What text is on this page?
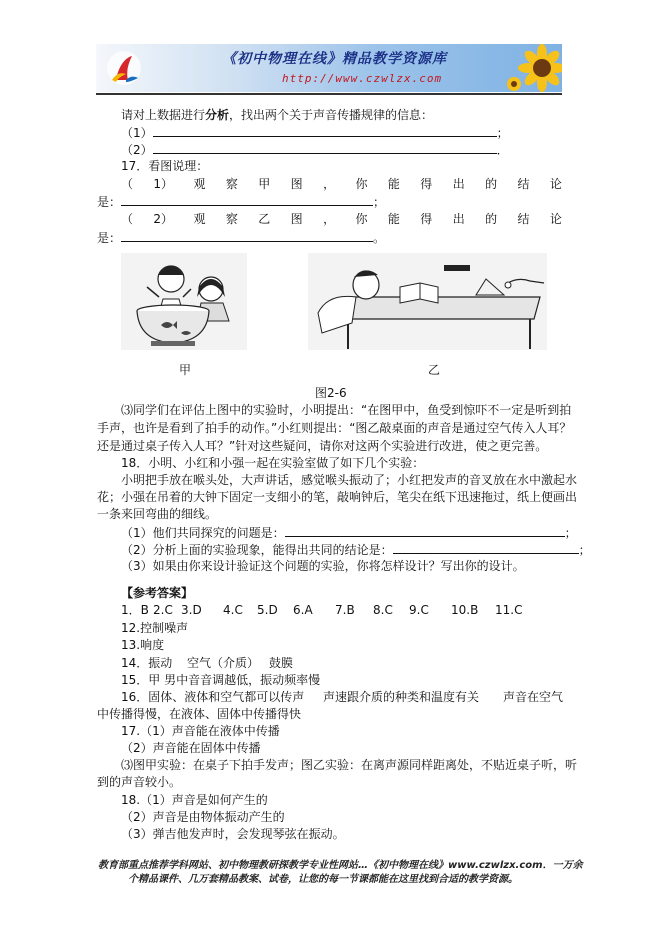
《初中物理在线》精品教学资源库
http://www.czwlzx.com
请对上数据进行分析，找出两个关于声音传播规律的信息：
（1）	；
（2）	．
17．看图说理：
（ 1） 观 察 甲 图 ， 你 能 得 出 的 结 论
是：	；
（ 2） 观 察 乙 图 ， 你 能 得 出 的 结 论
是：	。
甲	乙
图2-6
⑶同学们在评估上图中的实验时，小明提出：“在图甲中，鱼受到惊吓不一定是听到拍
手声，也许是看到了拍手的动作。”小红则提出：“图乙敲桌面的声音是通过空气传入人耳？
还是通过桌子传入人耳？”针对这些疑问，请你对这两个实验进行改进，使之更完善。
18．小明、小红和小强一起在实验室做了如下几个实验：
小明把手放在喉头处，大声讲话，感觉喉头振动了；小红把发声的音叉放在水中激起水
花；小强在吊着的大钟下固定一支细小的笔，敲响钟后，笔尖在纸下迅速拖过，纸上便画出
一条来回弯曲的细线。
（1）他们共同探究的问题是：	；
（2）分析上面的实验现象，能得出共同的结论是：	；
（3）如果由你来设计验证这个问题的实验，你将怎样设计？写出你的设计。
【参考答案】
1．B 2.C 3.D 4.C 5.D 6.A 7.B 8.C 9.C 10.B 11.C
12.控制噪声
13.响度
14．振动 空气（介质） 鼓膜
15．甲 男中音音调越低，振动频率慢
16．固体、液体和空气都可以传声 声速跟介质的种类和温度有关 声音在空气
中传播得慢，在液体、固体中传播得快
17.（1）声音能在液体中传播
（2）声音能在固体中传播
⑶图甲实验：在桌子下拍手发声；图乙实验：在离声源同样距离处，不贴近桌子听，听
到的声音较小。
18.（1）声音是如何产生的
（2）声音是由物体振动产生的
（3）弹吉他发声时，会发现琴弦在振动。
教育部重点推荐学科网站、初中物理教研探教学专业性网站…《初中物理在线》www.czwlzx.com．一万余
个精品课件、几万套精品教案、试卷，让您的每一节课都能在这里找到合适的教学资源。
